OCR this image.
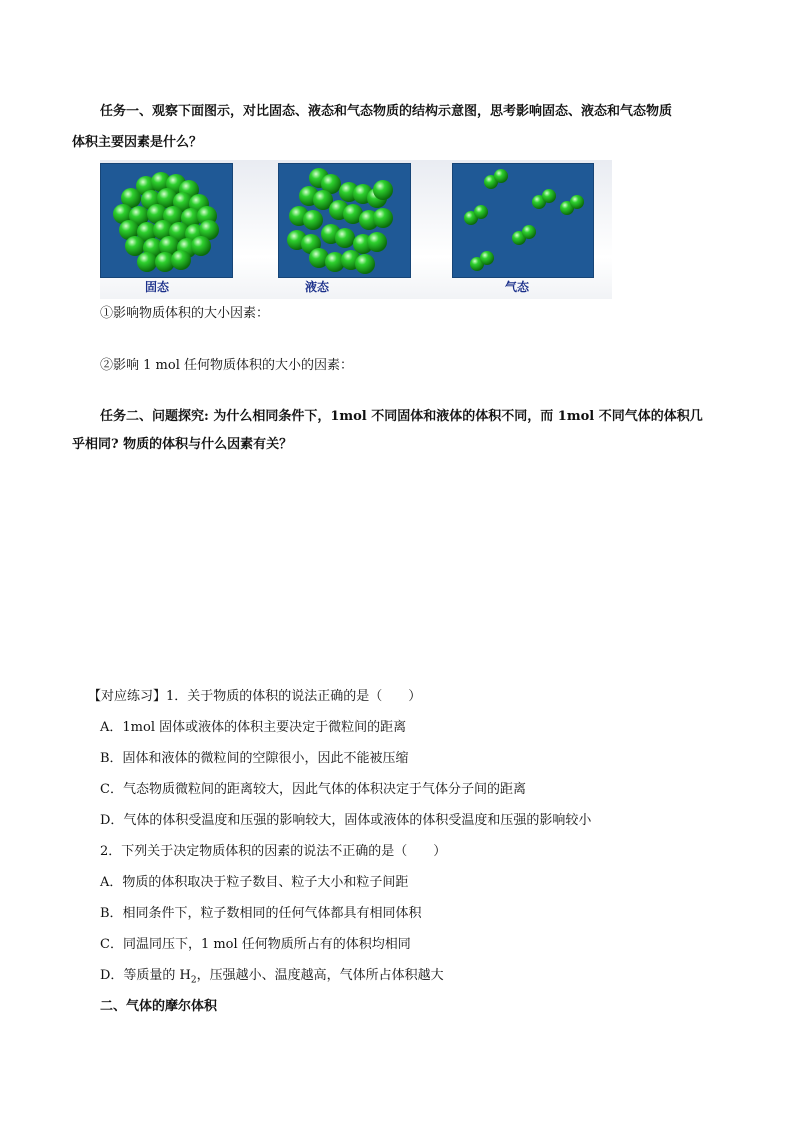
任务一、观察下面图示，对比固态、液态和气态物质的结构示意图，思考影响固态、液态和气态物质
体积主要因素是什么？
固态	液态	气态
①影响物质体积的大小因素：
②影响 1 mol 任何物质体积的大小的因素：
任务二、问题探究: 为什么相同条件下，1mol 不同固体和液体的体积不同，而 1mol 不同气体的体积几
乎相同? 物质的体积与什么因素有关？
【对应练习】1．关于物质的体积的说法正确的是（　　）
A．1mol 固体或液体的体积主要决定于微粒间的距离
B．固体和液体的微粒间的空隙很小，因此不能被压缩
C．气态物质微粒间的距离较大，因此气体的体积决定于气体分子间的距离
D．气体的体积受温度和压强的影响较大，固体或液体的体积受温度和压强的影响较小
2．下列关于决定物质体积的因素的说法不正确的是（　　）
A．物质的体积取决于粒子数目、粒子大小和粒子间距
B．相同条件下，粒子数相同的任何气体都具有相同体积
C．同温同压下，1 mol 任何物质所占有的体积均相同
D．等质量的 $H_2$，压强越小、温度越高，气体所占体积越大
二、气体的摩尔体积
